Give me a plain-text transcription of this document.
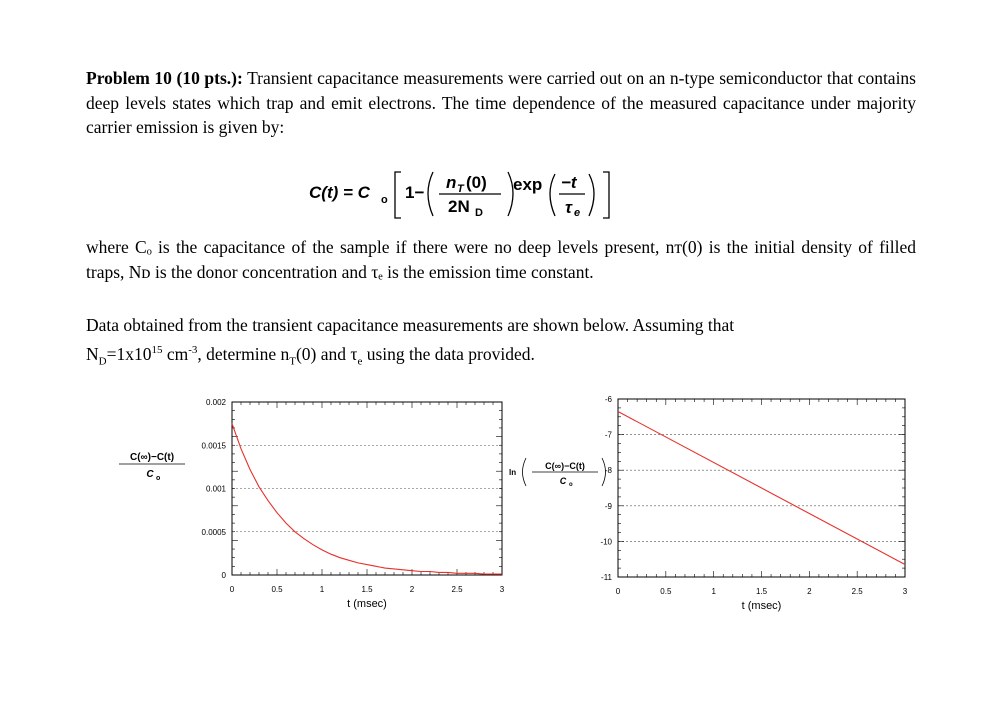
Problem 10 (10 pts.): Transient capacitance measurements were carried out on an n-type semiconductor that contains deep levels states which trap and emit electrons. The time dependence of the measured capacitance under majority carrier emission is given by:
C(t) = C o 1−
n T (0)
2N D
exp −t
τ e
where Cₒ is the capacitance of the sample if there were no deep levels present, nᴛ(0) is the initial density of filled traps, Nᴅ is the donor concentration and τₑ is the emission time constant.
Data obtained from the transient capacitance measurements are shown below. Assuming that
$N_D=1x10^{15}$ $cm^{-3}$, determine $n_T(0)$ and $\tau_e$ using the data provided.
0
0.0005
0.001
0.0015
0.002
0	0.5	1	1.5	2	2.5	3
t (msec)
C(∞)−C(t)
C o
-11
-10
-9
-8
-7
-6
0	0.5	1	1.5	2	2.5	3
t (msec)
ln
C(∞)−C(t)
C o
